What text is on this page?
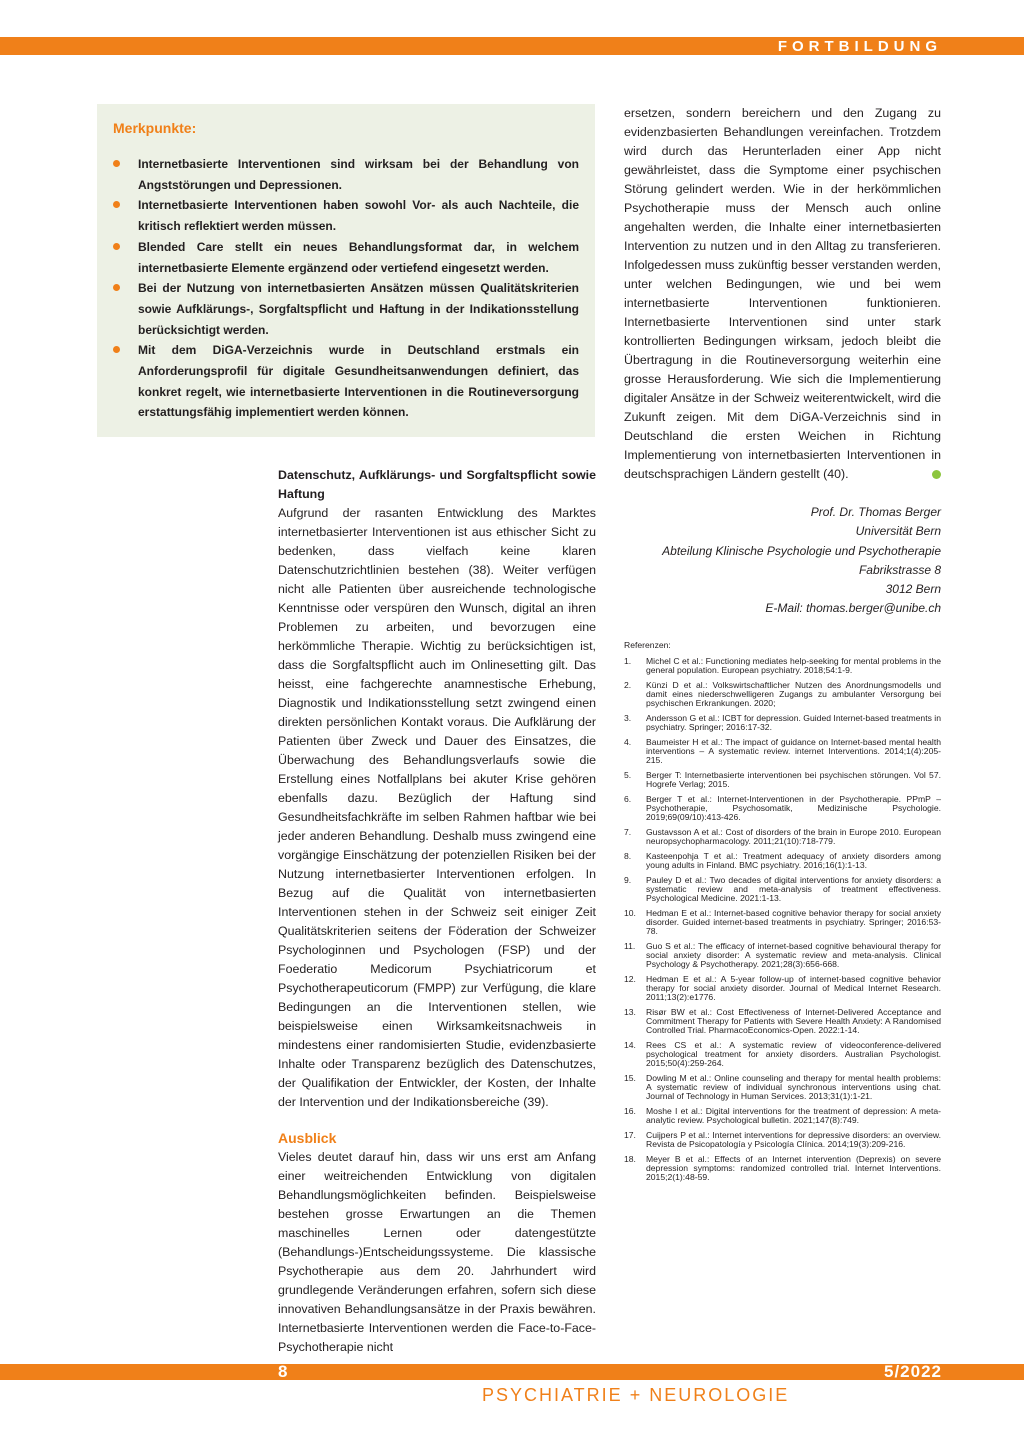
FORTBILDUNG
Merkpunkte:
Internetbasierte Interventionen sind wirksam bei der Behandlung von Angststörungen und Depressionen.
Internetbasierte Interventionen haben sowohl Vor- als auch Nachteile, die kritisch reflektiert werden müssen.
Blended Care stellt ein neues Behandlungsformat dar, in welchem internetbasierte Elemente ergänzend oder vertiefend eingesetzt werden.
Bei der Nutzung von internetbasierten Ansätzen müssen Qualitätskriterien sowie Aufklärungs-, Sorgfaltspflicht und Haftung in der Indikationsstellung berücksichtigt werden.
Mit dem DiGA-Verzeichnis wurde in Deutschland erstmals ein Anforderungsprofil für digitale Gesundheitsanwendungen definiert, das konkret regelt, wie internetbasierte Interventionen in die Routineversorgung erstattungsfähig implementiert werden können.

Datenschutz, Aufklärungs- und Sorgfaltspflicht sowie Haftung

Aufgrund der rasanten Entwicklung des Marktes internetbasierter Interventionen ist aus ethischer Sicht zu bedenken, dass vielfach keine klaren Datenschutzrichtlinien bestehen (38). Weiter verfügen nicht alle Patienten über ausreichende technologische Kenntnisse oder verspüren den Wunsch, digital an ihren Problemen zu arbeiten, und bevorzugen eine herkömmliche Therapie. Wichtig zu berücksichtigen ist, dass die Sorgfaltspflicht auch im Onlinesetting gilt. Das heisst, eine fachgerechte anamnestische Erhebung, Diagnostik und Indikationsstellung setzt zwingend einen direkten persönlichen Kontakt voraus. Die Aufklärung der Patienten über Zweck und Dauer des Einsatzes, die Überwachung des Behandlungsverlaufs sowie die Erstellung eines Notfallplans bei akuter Krise gehören ebenfalls dazu. Bezüglich der Haftung sind Gesundheitsfachkräfte im selben Rahmen haftbar wie bei jeder anderen Behandlung. Deshalb muss zwingend eine vorgängige Einschätzung der potenziellen Risiken bei der Nutzung internetbasierter Interventionen erfolgen. In Bezug auf die Qualität von internetbasierten Interventionen stehen in der Schweiz seit einiger Zeit Qualitätskriterien seitens der Föderation der Schweizer Psychologinnen und Psychologen (FSP) und der Foederatio Medicorum Psychiatricorum et Psychotherapeuticorum (FMPP) zur Verfügung, die klare Bedingungen an die Interventionen stellen, wie beispielsweise einen Wirksamkeitsnachweis in mindestens einer randomisierten Studie, evidenzbasierte Inhalte oder Transparenz bezüglich des Datenschutzes, der Qualifikation der Entwickler, der Kosten, der Inhalte der Intervention und der Indikationsbereiche (39).

Ausblick

Vieles deutet darauf hin, dass wir uns erst am Anfang einer weitreichenden Entwicklung von digitalen Behandlungsmöglichkeiten befinden. Beispielsweise bestehen grosse Erwartungen an die Themen maschinelles Lernen oder datengestützte (Behandlungs-)Entscheidungssysteme. Die klassische Psychotherapie aus dem 20. Jahrhundert wird grundlegende Veränderungen erfahren, sofern sich diese innovativen Behandlungsansätze in der Praxis bewähren. Internetbasierte Interventionen werden die Face-to-Face-Psychotherapie nicht

ersetzen, sondern bereichern und den Zugang zu evidenzbasierten Behandlungen vereinfachen. Trotzdem wird durch das Herunterladen einer App nicht gewährleistet, dass die Symptome einer psychischen Störung gelindert werden. Wie in der herkömmlichen Psychotherapie muss der Mensch auch online angehalten werden, die Inhalte einer internetbasierten Intervention zu nutzen und in den Alltag zu transferieren. Infolgedessen muss zukünftig besser verstanden werden, unter welchen Bedingungen, wie und bei wem internetbasierte Interventionen funktionieren. Internetbasierte Interventionen sind unter stark kontrollierten Bedingungen wirksam, jedoch bleibt die Übertragung in die Routineversorgung weiterhin eine grosse Herausforderung. Wie sich die Implementierung digitaler Ansätze in der Schweiz weiterentwickelt, wird die Zukunft zeigen. Mit dem DiGA-Verzeichnis sind in Deutschland die ersten Weichen in Richtung Implementierung von internetbasierten Interventionen in deutschsprachigen Ländern gestellt (40).

Prof. Dr. Thomas Berger
Universität Bern
Abteilung Klinische Psychologie und Psychotherapie
Fabrikstrasse 8
3012 Bern
E-Mail: thomas.berger@unibe.ch
Referenzen:
1. Michel C et al.: Functioning mediates help-seeking for mental problems in the general population. European psychiatry. 2018;54:1-9.
2. Künzi D et al.: Volkswirtschaftlicher Nutzen des Anordnungsmodells und damit eines niederschwelligeren Zugangs zu ambulanter Versorgung bei psychischen Erkrankungen. 2020;
3. Andersson G et al.: ICBT for depression. Guided Internet-based treatments in psychiatry. Springer; 2016:17-32.
4. Baumeister H et al.: The impact of guidance on Internet-based mental health interventions – A systematic review. internet Interventions. 2014;1(4):205-215.
5. Berger T: Internetbasierte interventionen bei psychischen störungen. Vol 57. Hogrefe Verlag; 2015.
6. Berger T et al.: Internet-Interventionen in der Psychotherapie. PPmP – Psychotherapie, Psychosomatik, Medizinische Psychologie. 2019;69(09/10):413-426.
7. Gustavsson A et al.: Cost of disorders of the brain in Europe 2010. European neuropsychopharmacology. 2011;21(10):718-779.
8. Kasteenpohja T et al.: Treatment adequacy of anxiety disorders among young adults in Finland. BMC psychiatry. 2016;16(1):1-13.
9. Pauley D et al.: Two decades of digital interventions for anxiety disorders: a systematic review and meta-analysis of treatment effectiveness. Psychological Medicine. 2021:1-13.
10. Hedman E et al.: Internet-based cognitive behavior therapy for social anxiety disorder. Guided internet-based treatments in psychiatry. Springer; 2016:53-78.
11. Guo S et al.: The efficacy of internet-based cognitive behavioural therapy for social anxiety disorder: A systematic review and meta-analysis. Clinical Psychology & Psychotherapy. 2021;28(3):656-668.
12. Hedman E et al.: A 5-year follow-up of internet-based cognitive behavior therapy for social anxiety disorder. Journal of Medical Internet Research. 2011;13(2):e1776.
13. Risør BW et al.: Cost Effectiveness of Internet-Delivered Acceptance and Commitment Therapy for Patients with Severe Health Anxiety: A Randomised Controlled Trial. PharmacoEconomics-Open. 2022:1-14.
14. Rees CS et al.: A systematic review of videoconference-delivered psychological treatment for anxiety disorders. Australian Psychologist. 2015;50(4):259-264.
15. Dowling M et al.: Online counseling and therapy for mental health problems: A systematic review of individual synchronous interventions using chat. Journal of Technology in Human Services. 2013;31(1):1-21.
16. Moshe I et al.: Digital interventions for the treatment of depression: A meta-analytic review. Psychological bulletin. 2021;147(8):749.
17. Cuijpers P et al.: Internet interventions for depressive disorders: an overview. Revista de Psicopatología y Psicología Clínica. 2014;19(3):209-216.
18. Meyer B et al.: Effects of an Internet intervention (Deprexis) on severe depression symptoms: randomized controlled trial. Internet Interventions. 2015;2(1):48-59.
8	5/2022
PSYCHIATRIE + NEUROLOGIE
